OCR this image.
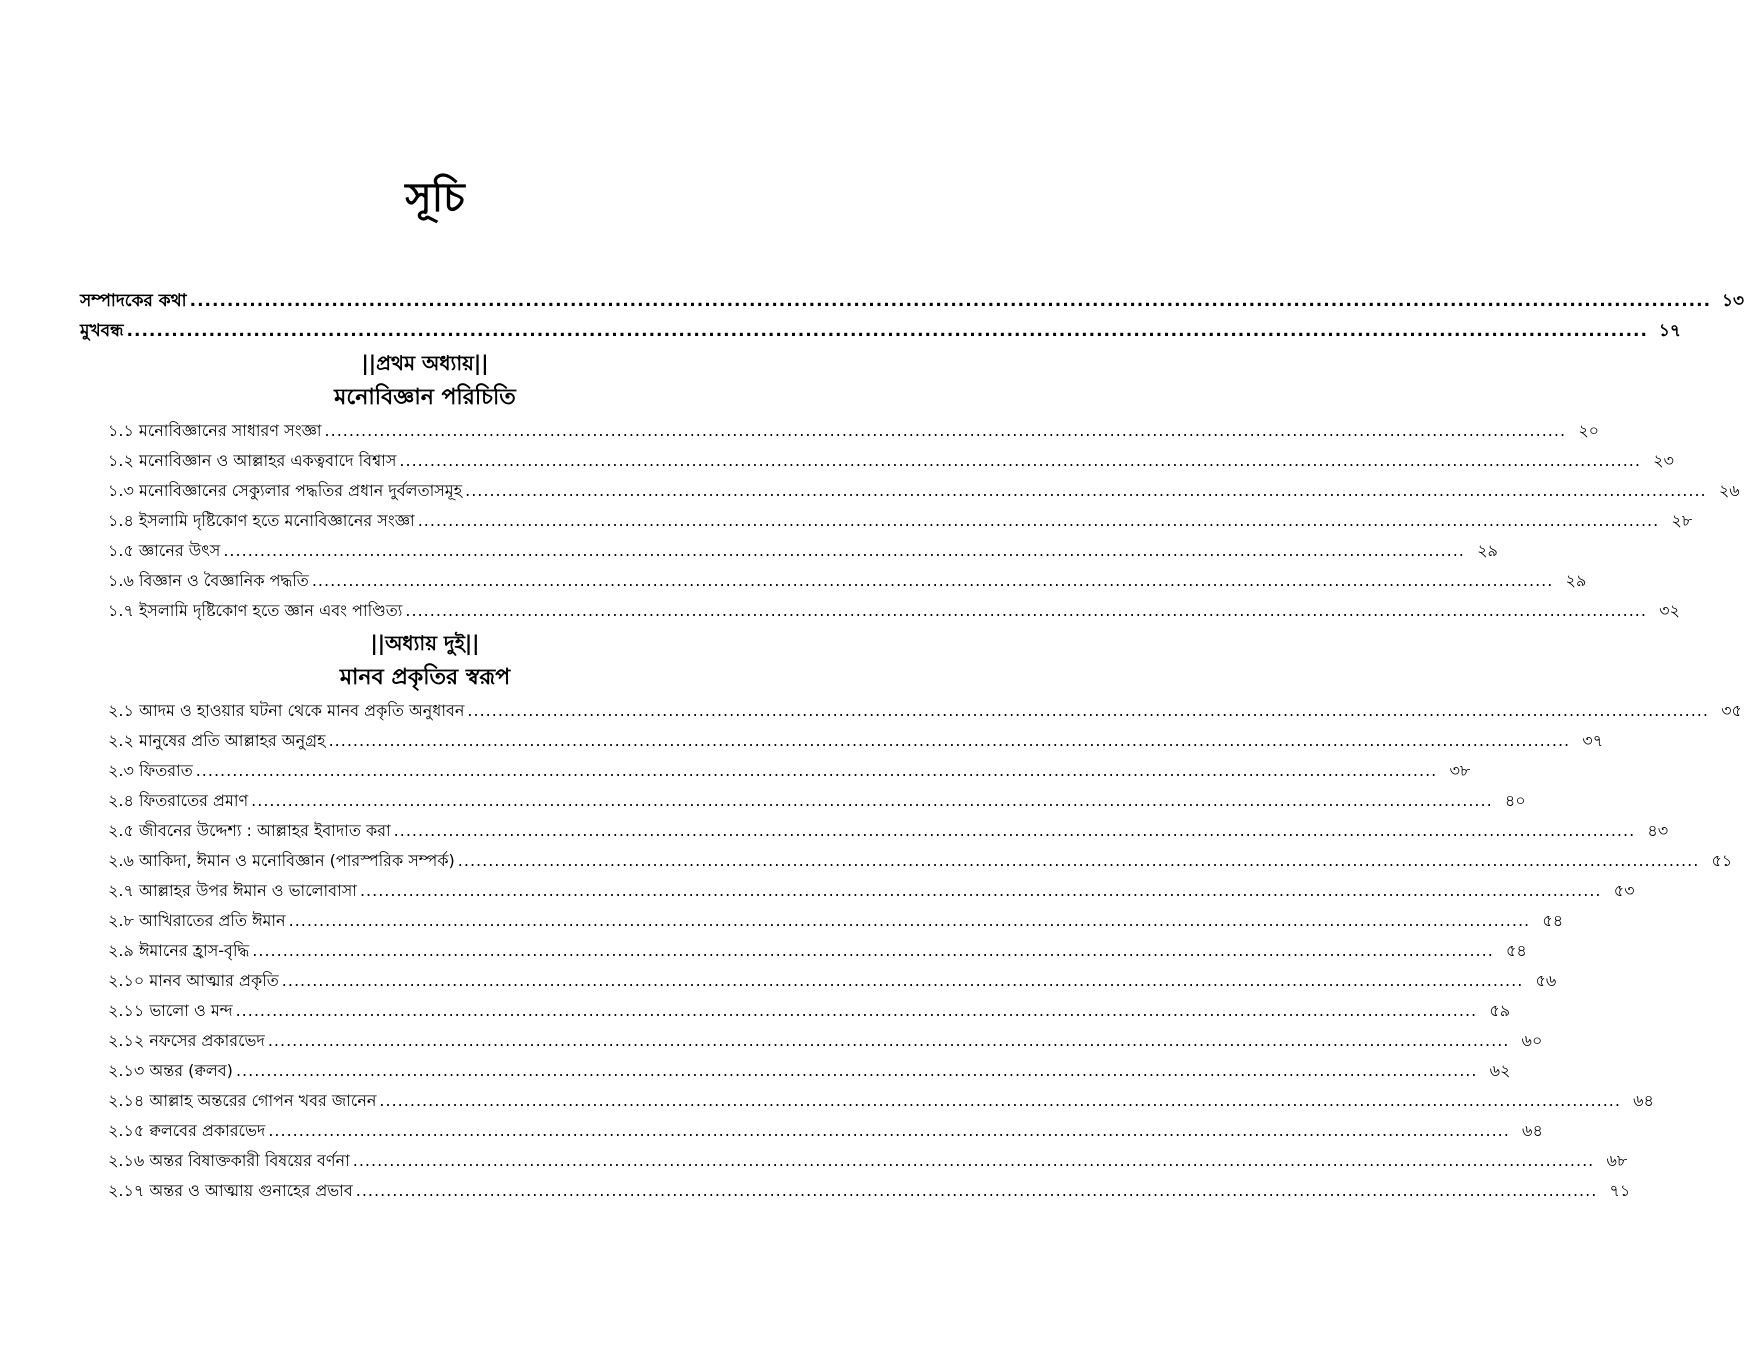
সূচি
সম্পাদকের কথা .....	১৩
মুখবন্ধ .....	১৭
||প্রথম অধ্যায়||
মনোবিজ্ঞান পরিচিতি
১.১ মনোবিজ্ঞানের সাধারণ সংজ্ঞা .....	২০
১.২ মনোবিজ্ঞান ও আল্লাহর একত্ববাদে বিশ্বাস .....	২৩
১.৩ মনোবিজ্ঞানের সেক্যুলার পদ্ধতির প্রধান দুর্বলতাসমূহ .....	২৬
১.৪ ইসলামি দৃষ্টিকোণ হতে মনোবিজ্ঞানের সংজ্ঞা .....	২৮
১.৫ জ্ঞানের উৎস .....	২৯
১.৬ বিজ্ঞান ও বৈজ্ঞানিক পদ্ধতি .....	২৯
১.৭ ইসলামি দৃষ্টিকোণ হতে জ্ঞান এবং পাণ্ডিত্য .....	৩২
||অধ্যায় দুই||
মানব প্রকৃতির স্বরূপ
২.১ আদম ও হাওয়ার ঘটনা থেকে মানব প্রকৃতি অনুধাবন .....	৩৫
২.২ মানুষের প্রতি আল্লাহর অনুগ্রহ .....	৩৭
২.৩ ফিতরাত .....	৩৮
২.৪ ফিতরাতের প্রমাণ .....	৪০
২.৫ জীবনের উদ্দেশ্য : আল্লাহর ইবাদাত করা .....	৪৩
২.৬ আকিদা, ঈমান ও মনোবিজ্ঞান (পারস্পরিক সম্পর্ক) .....	৫১
২.৭ আল্লাহর উপর ঈমান ও ভালোবাসা .....	৫৩
২.৮ আখিরাতের প্রতি ঈমান .....	৫৪
২.৯ ঈমানের হ্রাস-বৃদ্ধি .....	৫৪
২.১০ মানব আত্মার প্রকৃতি .....	৫৬
২.১১ ভালো ও মন্দ .....	৫৯
২.১২ নফসের প্রকারভেদ .....	৬০
২.১৩ অন্তর (ক্বলব) .....	৬২
২.১৪ আল্লাহ অন্তরের গোপন খবর জানেন .....	৬৪
২.১৫ ক্বলবের প্রকারভেদ .....	৬৪
২.১৬ অন্তর বিষাক্তকারী বিষয়ের বর্ণনা .....	৬৮
২.১৭ অন্তর ও আত্মায় গুনাহের প্রভাব .....	৭১
